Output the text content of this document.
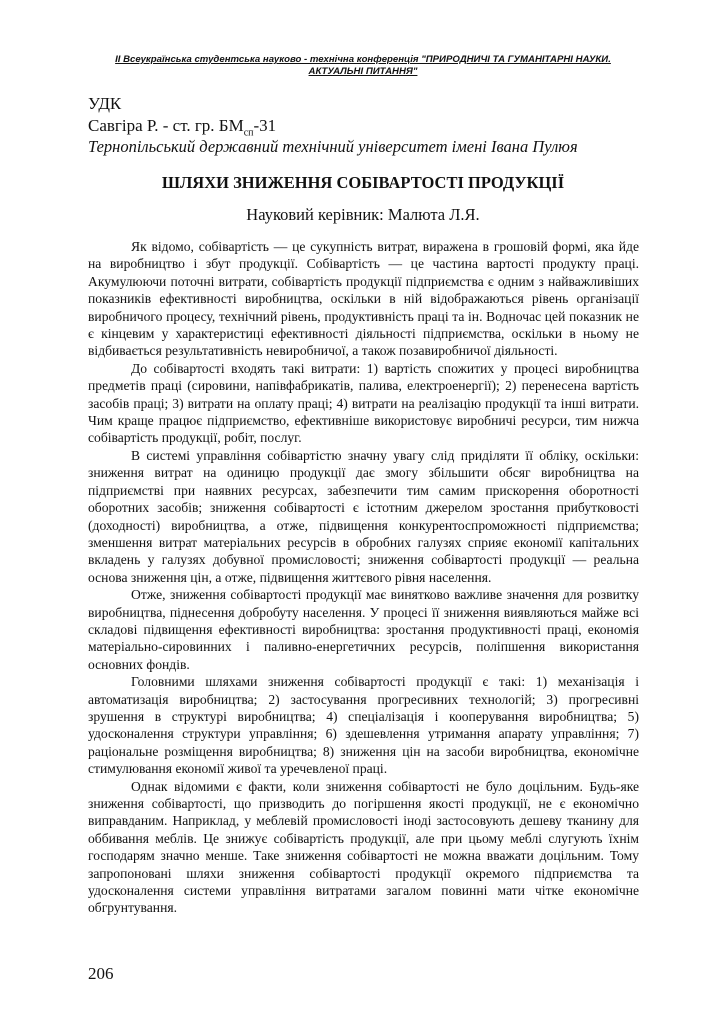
ІІ Всеукраїнська студентська науково - технічна конференція "ПРИРОДНИЧІ ТА ГУМАНІТАРНІ НАУКИ.
АКТУАЛЬНІ ПИТАННЯ"
УДК
Савгіра Р. - ст. гр. $БМ_{сп}-31$
Тернопільський державний технічний університет імені Івана Пулюя
ШЛЯХИ ЗНИЖЕННЯ СОБІВАРТОСТІ ПРОДУКЦІЇ
Науковий керівник: Малюта Л.Я.

Як відомо, собівартість — це сукупність витрат, виражена в грошовій формі, яка йде на виробництво і збут продукції. Собівартість — це частина вартості продукту праці. Акумулюючи поточні витрати, собівартість продукції підприємства є одним з найважливіших показників ефективності виробництва, оскільки в ній відображаються рівень організації виробничого процесу, технічний рівень, продуктивність праці та ін. Водночас цей показник не є кінцевим у характеристиці ефективності діяльності підприємства, оскільки в ньому не відбивається результативність невиробничої, а також позавиробничої діяльності.

До собівартості входять такі витрати: 1) вартість спожитих у процесі виробництва предметів праці (сировини, напівфабрикатів, палива, електроенергії); 2) перенесена вартість засобів праці; 3) витрати на оплату праці; 4) витрати на реалізацію продукції та інші витрати. Чим краще працює підприємство, ефективніше використовує виробничі ресурси, тим нижча собівартість продукції, робіт, послуг.

В системі управління собівартістю значну увагу слід приділяти її обліку, оскільки: зниження витрат на одиницю продукції дає змогу збільшити обсяг виробництва на підприємстві при наявних ресурсах, забезпечити тим самим прискорення оборотності оборотних засобів; зниження собівартості є істотним джерелом зростання прибутковості (доходності) виробництва, а отже, підвищення конкурентоспроможності підприємства; зменшення витрат матеріальних ресурсів в обробних галузях сприяє економії капітальних вкладень у галузях добувної промисловості; зниження собівартості продукції — реальна основа зниження цін, а отже, підвищення життєвого рівня населення.

Отже, зниження собівартості продукції має винятково важливе значення для розвитку виробництва, піднесення добробуту населення. У процесі її зниження виявляються майже всі складові підвищення ефективності виробництва: зростання продуктивності праці, економія матеріально-сировинних і паливно-енергетичних ресурсів, поліпшення використання основних фондів.

Головними шляхами зниження собівартості продукції є такі: 1) механізація і автоматизація виробництва; 2) застосування прогресивних технологій; 3) прогресивні зрушення в структурі виробництва; 4) спеціалізація і кооперування виробництва; 5) удосконалення структури управління; 6) здешевлення утримання апарату управління; 7) раціональне розміщення виробництва; 8) зниження цін на засоби виробництва, економічне стимулювання економії живої та уречевленої праці.

Однак відомими є факти, коли зниження собівартості не було доцільним. Будь-яке зниження собівартості, що призводить до погіршення якості продукції, не є економічно виправданим. Наприклад, у меблевій промисловості іноді застосовують дешеву тканину для оббивання меблів. Це знижує собівартість продукції, але при цьому меблі слугують їхнім господарям значно менше. Таке зниження собівартості не можна вважати доцільним. Тому запропоновані шляхи зниження собівартості продукції окремого підприємства та удосконалення системи управління витратами загалом повинні мати чітке економічне обгрунтування.

206
